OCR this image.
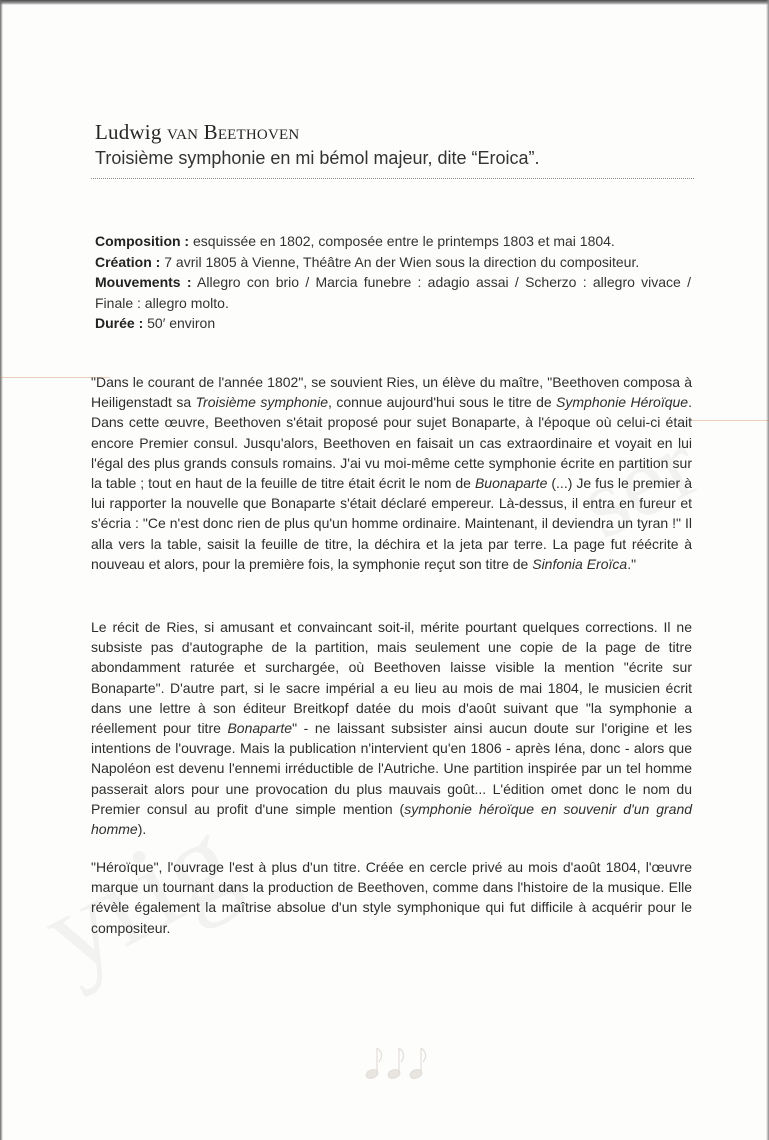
Ludwig van Beethoven
Troisième symphonie en mi bémol majeur, dite “Eroica”.

Composition : esquissée en 1802, composée entre le printemps 1803 et mai 1804.

Création : 7 avril 1805 à Vienne, Théâtre An der Wien sous la direction du compositeur.

Mouvements : Allegro con brio / Marcia funebre : adagio assai / Scherzo : allegro vivace / Finale : allegro molto.

Durée : 50′ environ

"Dans le courant de l'année 1802", se souvient Ries, un élève du maître, "Beethoven composa à Heiligenstadt sa Troisième symphonie, connue aujourd'hui sous le titre de Symphonie Héroïque. Dans cette œuvre, Beethoven s'était proposé pour sujet Bonaparte, à l'époque où celui-ci était encore Premier consul. Jusqu'alors, Beethoven en faisait un cas extraordinaire et voyait en lui l'égal des plus grands consuls romains. J'ai vu moi-même cette symphonie écrite en partition sur la table ; tout en haut de la feuille de titre était écrit le nom de Buonaparte (...) Je fus le premier à lui rapporter la nouvelle que Bonaparte s'était déclaré empereur. Là-dessus, il entra en fureur et s'écria : "Ce n'est donc rien de plus qu'un homme ordinaire. Maintenant, il deviendra un tyran !" Il alla vers la table, saisit la feuille de titre, la déchira et la jeta par terre. La page fut réécrite à nouveau et alors, pour la première fois, la symphonie reçut son titre de Sinfonia Eroïca."

Le récit de Ries, si amusant et convaincant soit-il, mérite pourtant quelques corrections. Il ne subsiste pas d'autographe de la partition, mais seulement une copie de la page de titre abondamment raturée et surchargée, où Beethoven laisse visible la mention "écrite sur Bonaparte". D'autre part, si le sacre impérial a eu lieu au mois de mai 1804, le musicien écrit dans une lettre à son éditeur Breitkopf datée du mois d'août suivant que "la symphonie a réellement pour titre Bonaparte" - ne laissant subsister ainsi aucun doute sur l'origine et les intentions de l'ouvrage. Mais la publication n'intervient qu'en 1806 - après Iéna, donc - alors que Napoléon est devenu l'ennemi irréductible de l'Autriche. Une partition inspirée par un tel homme passerait alors pour une provocation du plus mauvais goût... L'édition omet donc le nom du Premier consul au profit d'une simple mention (symphonie héroïque en souvenir d'un grand homme).

"Héroïque", l'ouvrage l'est à plus d'un titre. Créée en cercle privé au mois d'août 1804, l'œuvre marque un tournant dans la production de Beethoven, comme dans l'histoire de la musique. Elle révèle également la maîtrise absolue d'un style symphonique qui fut difficile à acquérir pour le compositeur.
